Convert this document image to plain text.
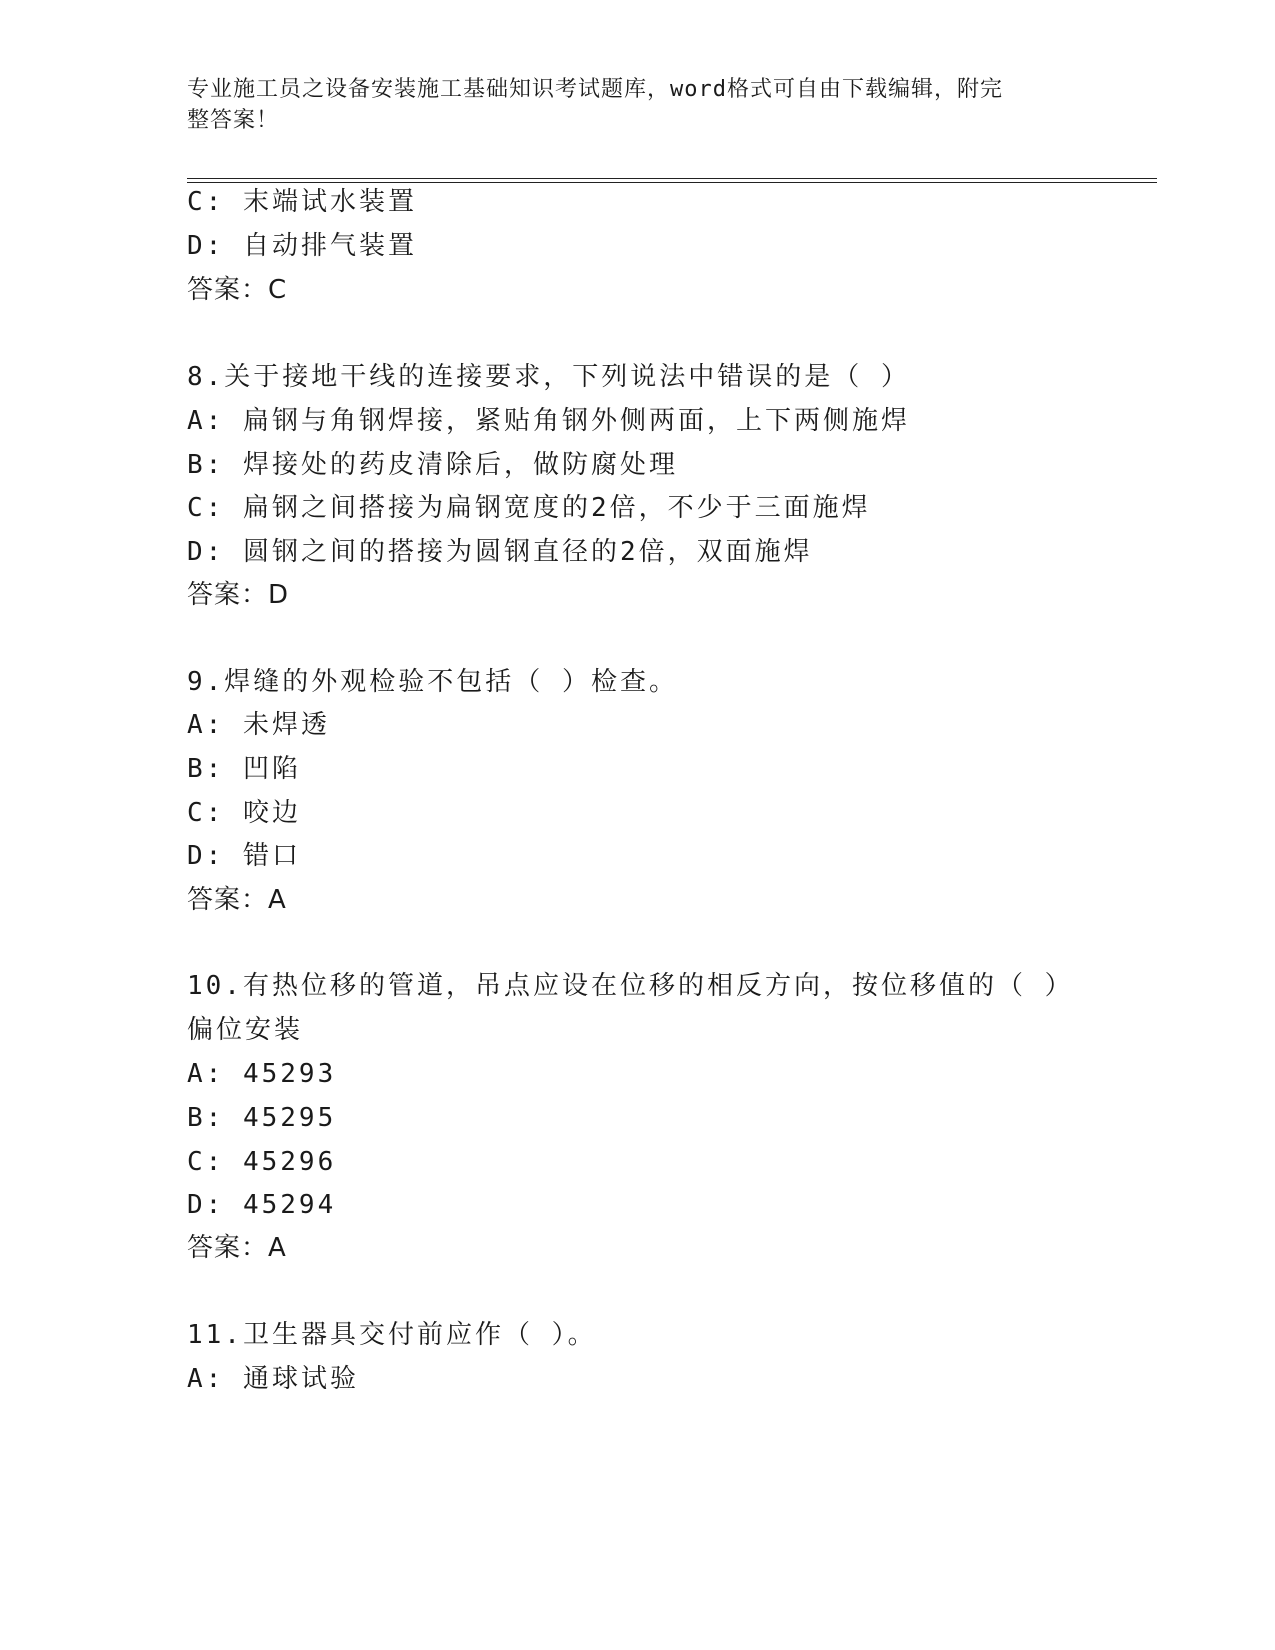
专业施工员之设备安装施工基础知识考试题库，word格式可自由下载编辑，附完
整答案！
C: 末端试水装置
D: 自动排气装置
答案：C
8.关于接地干线的连接要求，下列说法中错误的是（ ）
A: 扁钢与角钢焊接，紧贴角钢外侧两面，上下两侧施焊
B: 焊接处的药皮清除后，做防腐处理
C: 扁钢之间搭接为扁钢宽度的2倍，不少于三面施焊
D: 圆钢之间的搭接为圆钢直径的2倍，双面施焊
答案：D
9.焊缝的外观检验不包括（ ）检查。
A: 未焊透
B: 凹陷
C: 咬边
D: 错口
答案：A
10.有热位移的管道，吊点应设在位移的相反方向，按位移值的（ ）
偏位安装
A: 45293
B: 45295
C: 45296
D: 45294
答案：A
11.卫生器具交付前应作（ ）。
A: 通球试验
